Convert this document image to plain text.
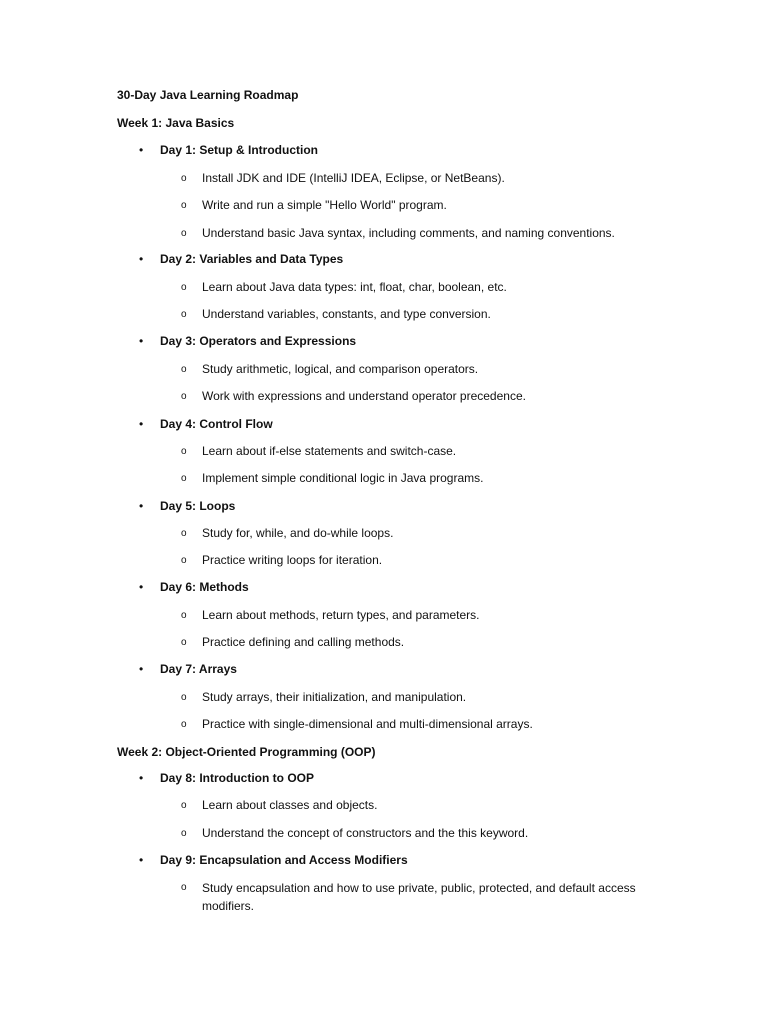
30-Day Java Learning Roadmap
Week 1: Java Basics
• Day 1: Setup & Introduction
o Install JDK and IDE (IntelliJ IDEA, Eclipse, or NetBeans).
o Write and run a simple "Hello World" program.
o Understand basic Java syntax, including comments, and naming conventions.
• Day 2: Variables and Data Types
o Learn about Java data types: int, float, char, boolean, etc.
o Understand variables, constants, and type conversion.
• Day 3: Operators and Expressions
o Study arithmetic, logical, and comparison operators.
o Work with expressions and understand operator precedence.
• Day 4: Control Flow
o Learn about if-else statements and switch-case.
o Implement simple conditional logic in Java programs.
• Day 5: Loops
o Study for, while, and do-while loops.
o Practice writing loops for iteration.
• Day 6: Methods
o Learn about methods, return types, and parameters.
o Practice defining and calling methods.
• Day 7: Arrays
o Study arrays, their initialization, and manipulation.
o Practice with single-dimensional and multi-dimensional arrays.
Week 2: Object-Oriented Programming (OOP)
• Day 8: Introduction to OOP
o Learn about classes and objects.
o Understand the concept of constructors and the this keyword.
• Day 9: Encapsulation and Access Modifiers
o Study encapsulation and how to use private, public, protected, and default access modifiers.
